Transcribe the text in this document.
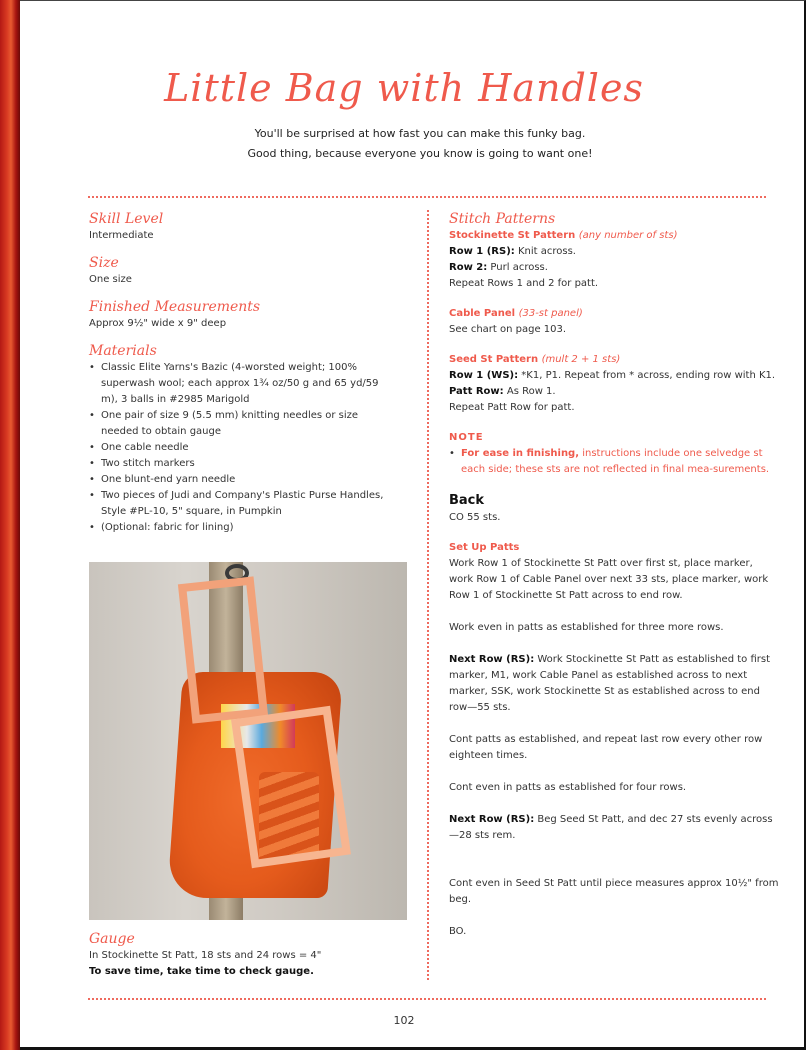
Little Bag with Handles
You'll be surprised at how fast you can make this funky bag.
Good thing, because everyone you know is going to want one!
Skill Level
Intermediate
Size
One size
Finished Measurements
Approx 9½" wide x 9" deep
Materials
• Classic Elite Yarns's Bazic (4-worsted weight; 100% superwash wool; each approx 1¾ oz/50 g and 65 yd/59 m), 3 balls in #2985 Marigold
• One pair of size 9 (5.5 mm) knitting needles or size needed to obtain gauge
• One cable needle
• Two stitch markers
• One blunt-end yarn needle
• Two pieces of Judi and Company's Plastic Purse Handles, Style #PL-10, 5" square, in Pumpkin
• (Optional: fabric for lining)
Gauge
In Stockinette St Patt, 18 sts and 24 rows = 4"
To save time, take time to check gauge.
Stitch Patterns
Stockinette St Pattern (any number of sts)
Row 1 (RS): Knit across.
Row 2: Purl across.
Repeat Rows 1 and 2 for patt.
Cable Panel (33-st panel)
See chart on page 103.
Seed St Pattern (mult 2 + 1 sts)
Row 1 (WS): *K1, P1. Repeat from * across, ending row with K1.
Patt Row: As Row 1.
Repeat Patt Row for patt.
NOTE
• For ease in finishing, instructions include one selvedge st each side; these sts are not reflected in final mea-surements.
Back
CO 55 sts.
Set Up Patts
Work Row 1 of Stockinette St Patt over first st, place marker, work Row 1 of Cable Panel over next 33 sts, place marker, work Row 1 of Stockinette St Patt across to end row.
Work even in patts as established for three more rows.
Next Row (RS): Work Stockinette St Patt as established to first marker, M1, work Cable Panel as established across to next marker, SSK, work Stockinette St as established across to end row—55 sts.
Cont patts as established, and repeat last row every other row eighteen times.
Cont even in patts as established for four rows.
Next Row (RS): Beg Seed St Patt, and dec 27 sts evenly across—28 sts rem.
Cont even in Seed St Patt until piece measures approx 10½" from beg.
BO.
102
